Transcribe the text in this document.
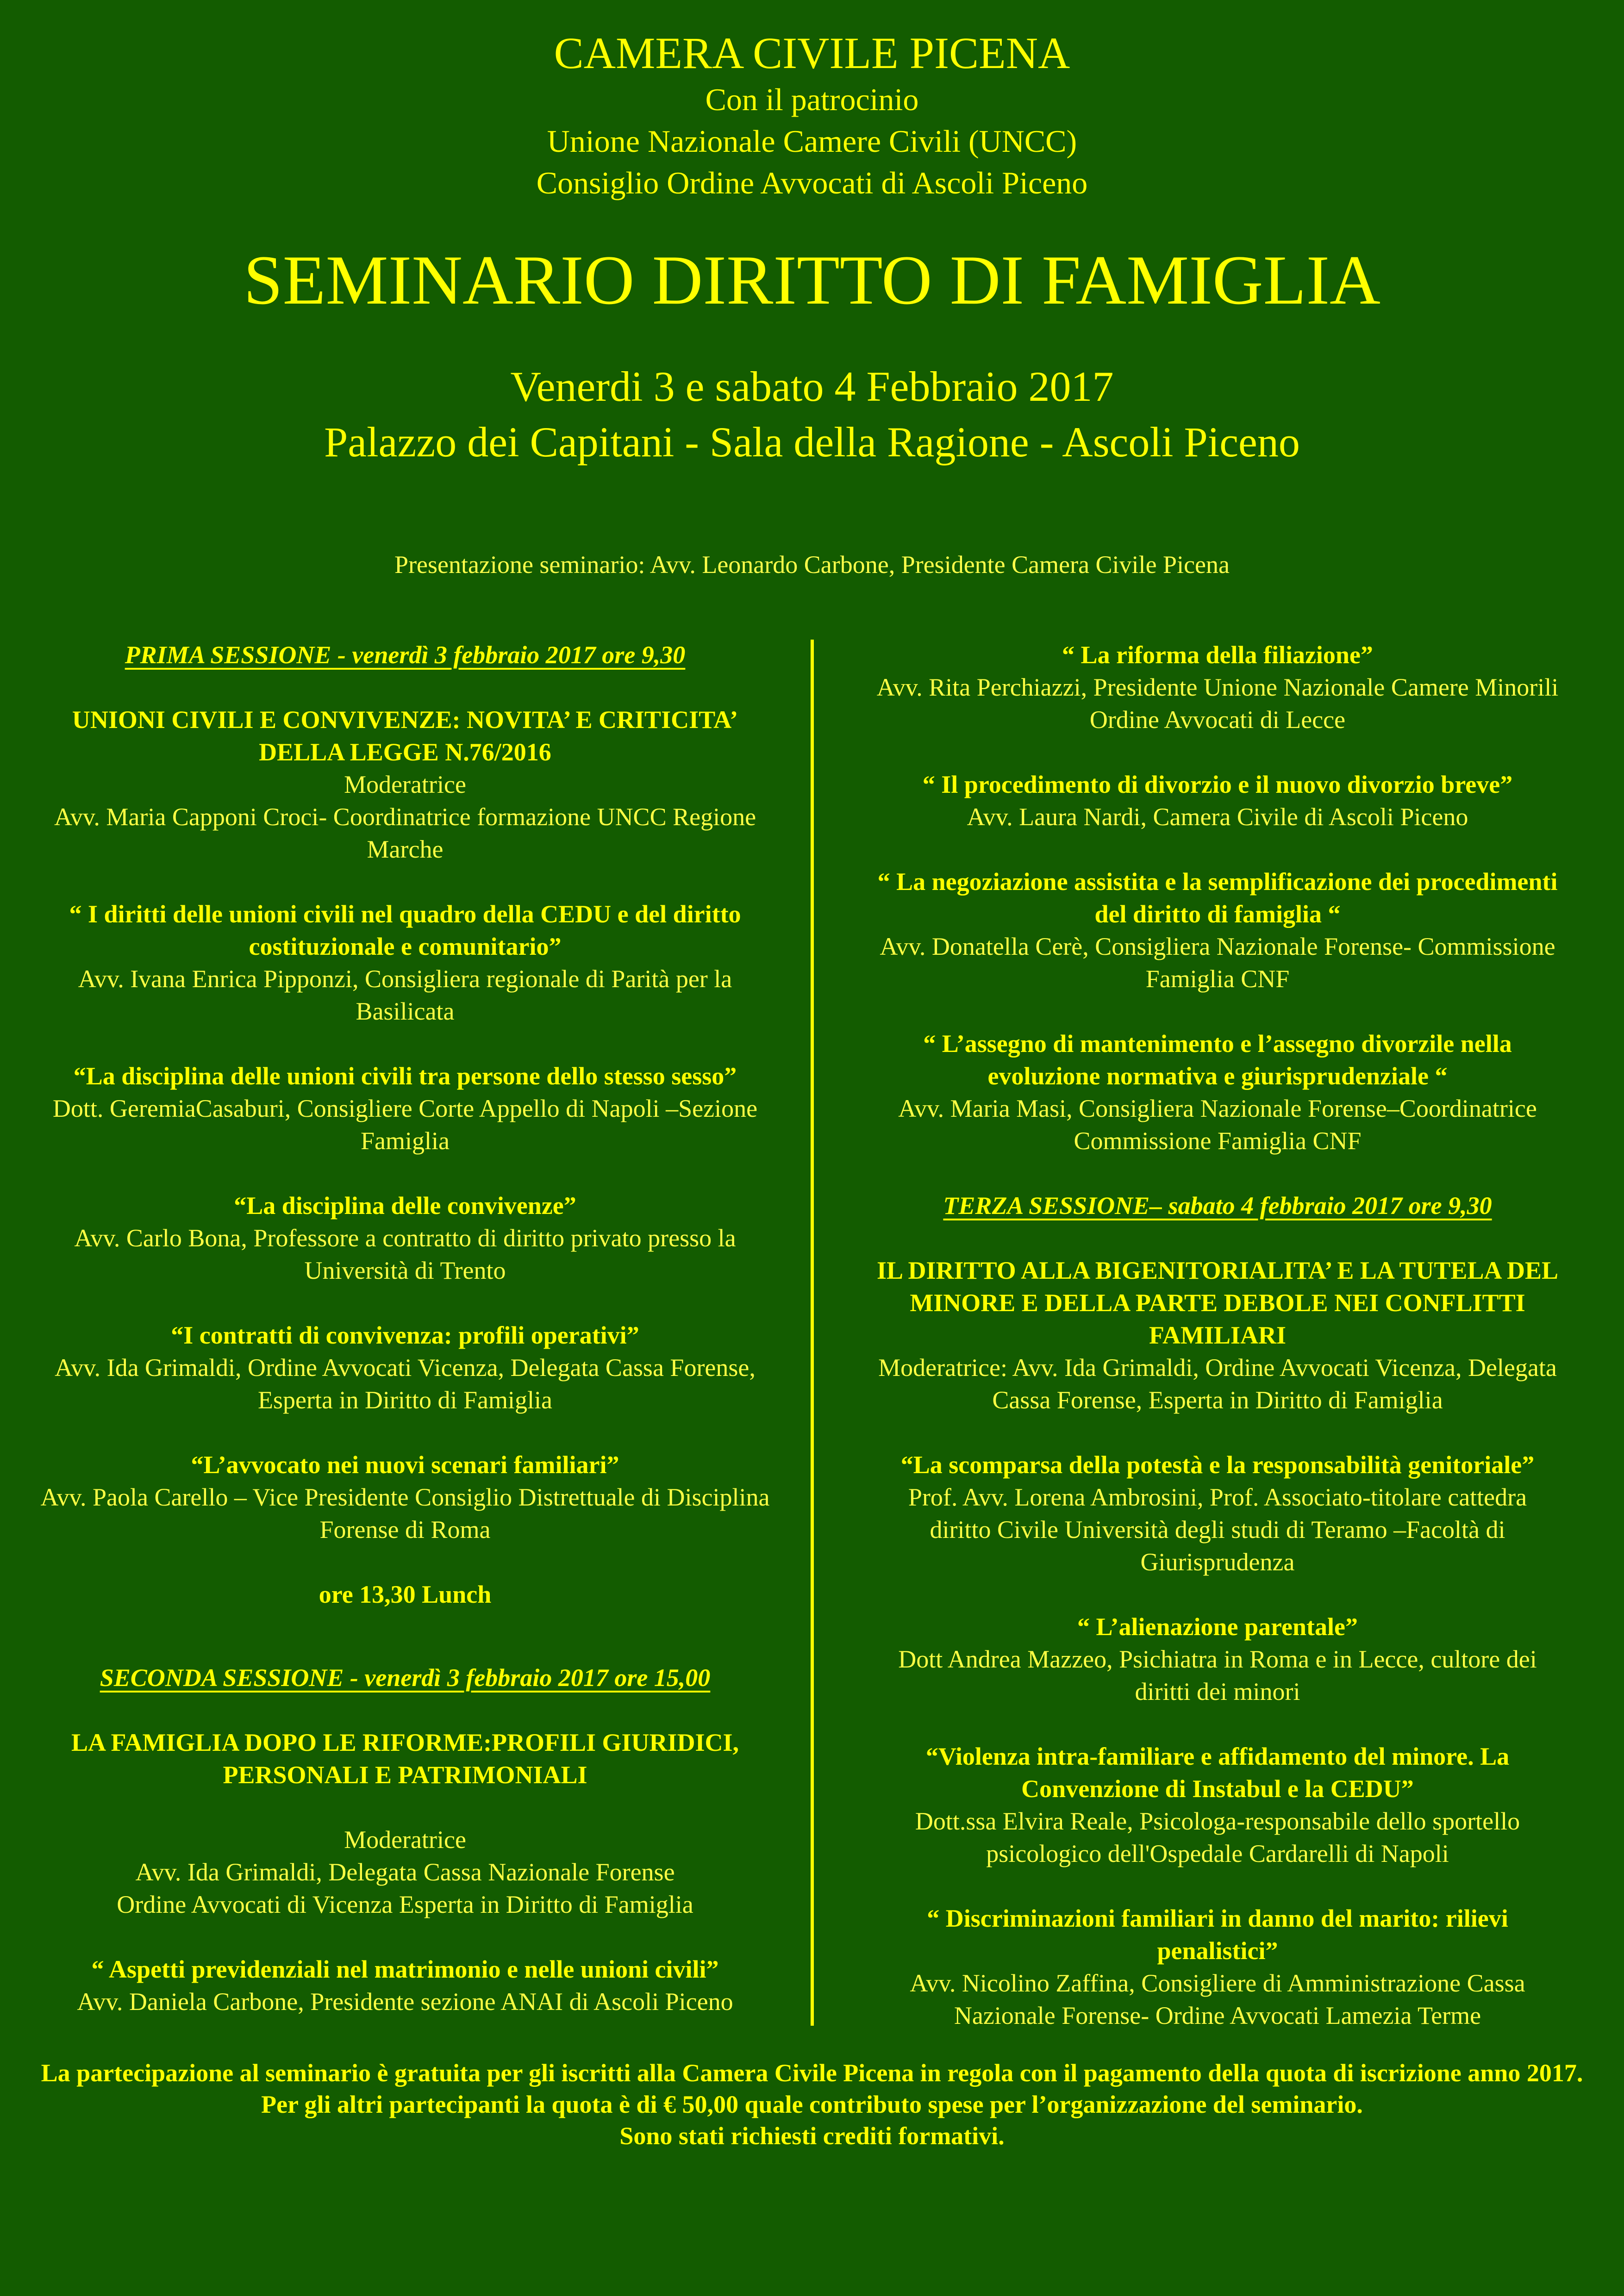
CAMERA CIVILE PICENA
Con il patrocinio
Unione Nazionale Camere Civili (UNCC)
Consiglio Ordine Avvocati di Ascoli Piceno
SEMINARIO DIRITTO DI FAMIGLIA
Venerdi 3 e sabato 4 Febbraio 2017
Palazzo dei Capitani - Sala della Ragione - Ascoli Piceno
Presentazione seminario: Avv. Leonardo Carbone, Presidente Camera Civile Picena
PRIMA SESSIONE - venerdì 3 febbraio 2017 ore 9,30
UNIONI CIVILI E CONVIVENZE: NOVITA’ E CRITICITA’
DELLA LEGGE N.76/2016
Moderatrice
Avv. Maria Capponi Croci- Coordinatrice formazione UNCC Regione
Marche
“ I diritti delle unioni civili nel quadro della CEDU e del diritto
costituzionale e comunitario”
Avv. Ivana Enrica Pipponzi, Consigliera regionale di Parità per la
Basilicata
“La disciplina delle unioni civili tra persone dello stesso sesso”
Dott. GeremiaCasaburi, Consigliere Corte Appello di Napoli –Sezione
Famiglia
“La disciplina delle convivenze”
Avv. Carlo Bona, Professore a contratto di diritto privato presso la
Università di Trento
“I contratti di convivenza: profili operativi”
Avv. Ida Grimaldi, Ordine Avvocati Vicenza, Delegata Cassa Forense,
Esperta in Diritto di Famiglia
“L’avvocato nei nuovi scenari familiari”
Avv. Paola Carello – Vice Presidente Consiglio Distrettuale di Disciplina
Forense di Roma
ore 13,30 Lunch
SECONDA SESSIONE - venerdì 3 febbraio 2017 ore 15,00
LA FAMIGLIA DOPO LE RIFORME:PROFILI GIURIDICI,
PERSONALI E PATRIMONIALI
Moderatrice
Avv. Ida Grimaldi, Delegata Cassa Nazionale Forense
Ordine Avvocati di Vicenza Esperta in Diritto di Famiglia
“ Aspetti previdenziali nel matrimonio e nelle unioni civili”
Avv. Daniela Carbone, Presidente sezione ANAI di Ascoli Piceno
“ La riforma della filiazione”
Avv. Rita Perchiazzi, Presidente Unione Nazionale Camere Minorili
Ordine Avvocati di Lecce
“ Il procedimento di divorzio e il nuovo divorzio breve”
Avv. Laura Nardi, Camera Civile di Ascoli Piceno
“ La negoziazione assistita e la semplificazione dei procedimenti
del diritto di famiglia “
Avv. Donatella Cerè, Consigliera Nazionale Forense- Commissione
Famiglia CNF
“ L’assegno di mantenimento e l’assegno divorzile nella
evoluzione normativa e giurisprudenziale “
Avv. Maria Masi, Consigliera Nazionale Forense–Coordinatrice
Commissione Famiglia CNF
TERZA SESSIONE– sabato 4 febbraio 2017 ore 9,30
IL DIRITTO ALLA BIGENITORIALITA’ E LA TUTELA DEL
MINORE E DELLA PARTE DEBOLE NEI CONFLITTI
FAMILIARI
Moderatrice: Avv. Ida Grimaldi, Ordine Avvocati Vicenza, Delegata
Cassa Forense, Esperta in Diritto di Famiglia
“La scomparsa della potestà e la responsabilità genitoriale”
Prof. Avv. Lorena Ambrosini, Prof. Associato-titolare cattedra
diritto Civile Università degli studi di Teramo –Facoltà di
Giurisprudenza
“ L’alienazione parentale”
Dott Andrea Mazzeo, Psichiatra in Roma e in Lecce, cultore dei
diritti dei minori
“Violenza intra-familiare e affidamento del minore. La
Convenzione di Instabul e la CEDU”
Dott.ssa Elvira Reale, Psicologa-responsabile dello sportello
psicologico dell'Ospedale Cardarelli di Napoli
“ Discriminazioni familiari in danno del marito: rilievi
penalistici”
Avv. Nicolino Zaffina, Consigliere di Amministrazione Cassa
Nazionale Forense- Ordine Avvocati Lamezia Terme
La partecipazione al seminario è gratuita per gli iscritti alla Camera Civile Picena in regola con il pagamento della quota di iscrizione anno 2017.
Per gli altri partecipanti la quota è di € 50,00 quale contributo spese per l’organizzazione del seminario.
Sono stati richiesti crediti formativi.
